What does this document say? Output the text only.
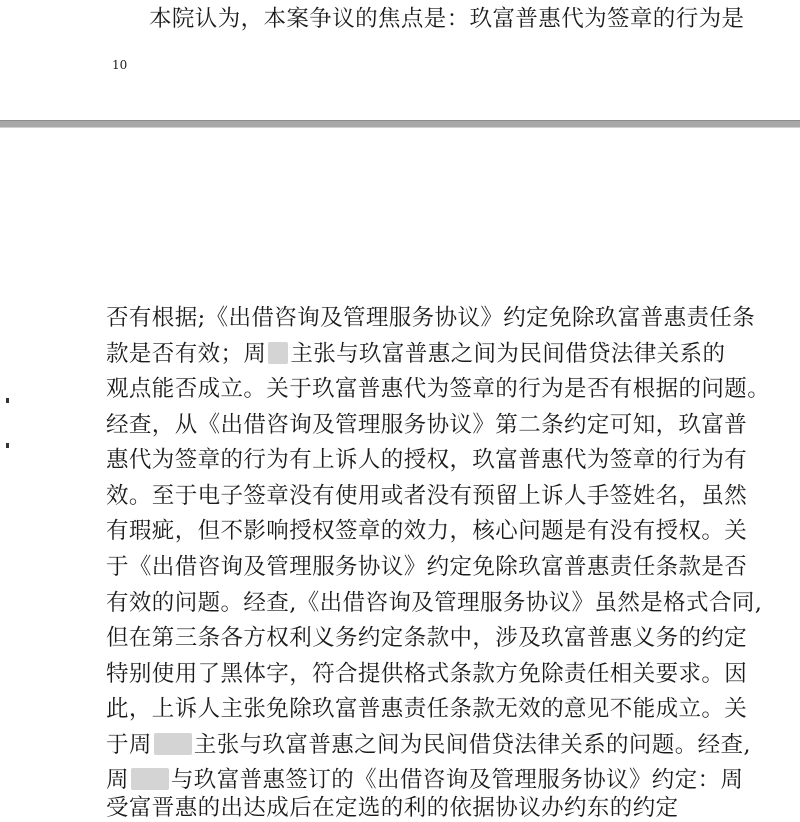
本院认为，本案争议的焦点是：玖富普惠代为签章的行为是
10
否有根据;《出借咨询及管理服务协议》约定免除玖富普惠责任条
款是否有效；周 主张与玖富普惠之间为民间借贷法律关系的
观点能否成立。关于玖富普惠代为签章的行为是否有根据的问题。
经查，从《出借咨询及管理服务协议》第二条约定可知，玖富普
惠代为签章的行为有上诉人的授权，玖富普惠代为签章的行为有
效。至于电子签章没有使用或者没有预留上诉人手签姓名，虽然
有瑕疵，但不影响授权签章的效力，核心问题是有没有授权。关
于《出借咨询及管理服务协议》约定免除玖富普惠责任条款是否
有效的问题。经查,《出借咨询及管理服务协议》虽然是格式合同,
但在第三条各方权利义务约定条款中，涉及玖富普惠义务的约定
特别使用了黑体字，符合提供格式条款方免除责任相关要求。因
此，上诉人主张免除玖富普惠责任条款无效的意见不能成立。关
于周 主张与玖富普惠之间为民间借贷法律关系的问题。经查,
周 与玖富普惠签订的《出借咨询及管理服务协议》约定：周
受富晋惠的出达成后在定选的利的依据协议办约东的约定
